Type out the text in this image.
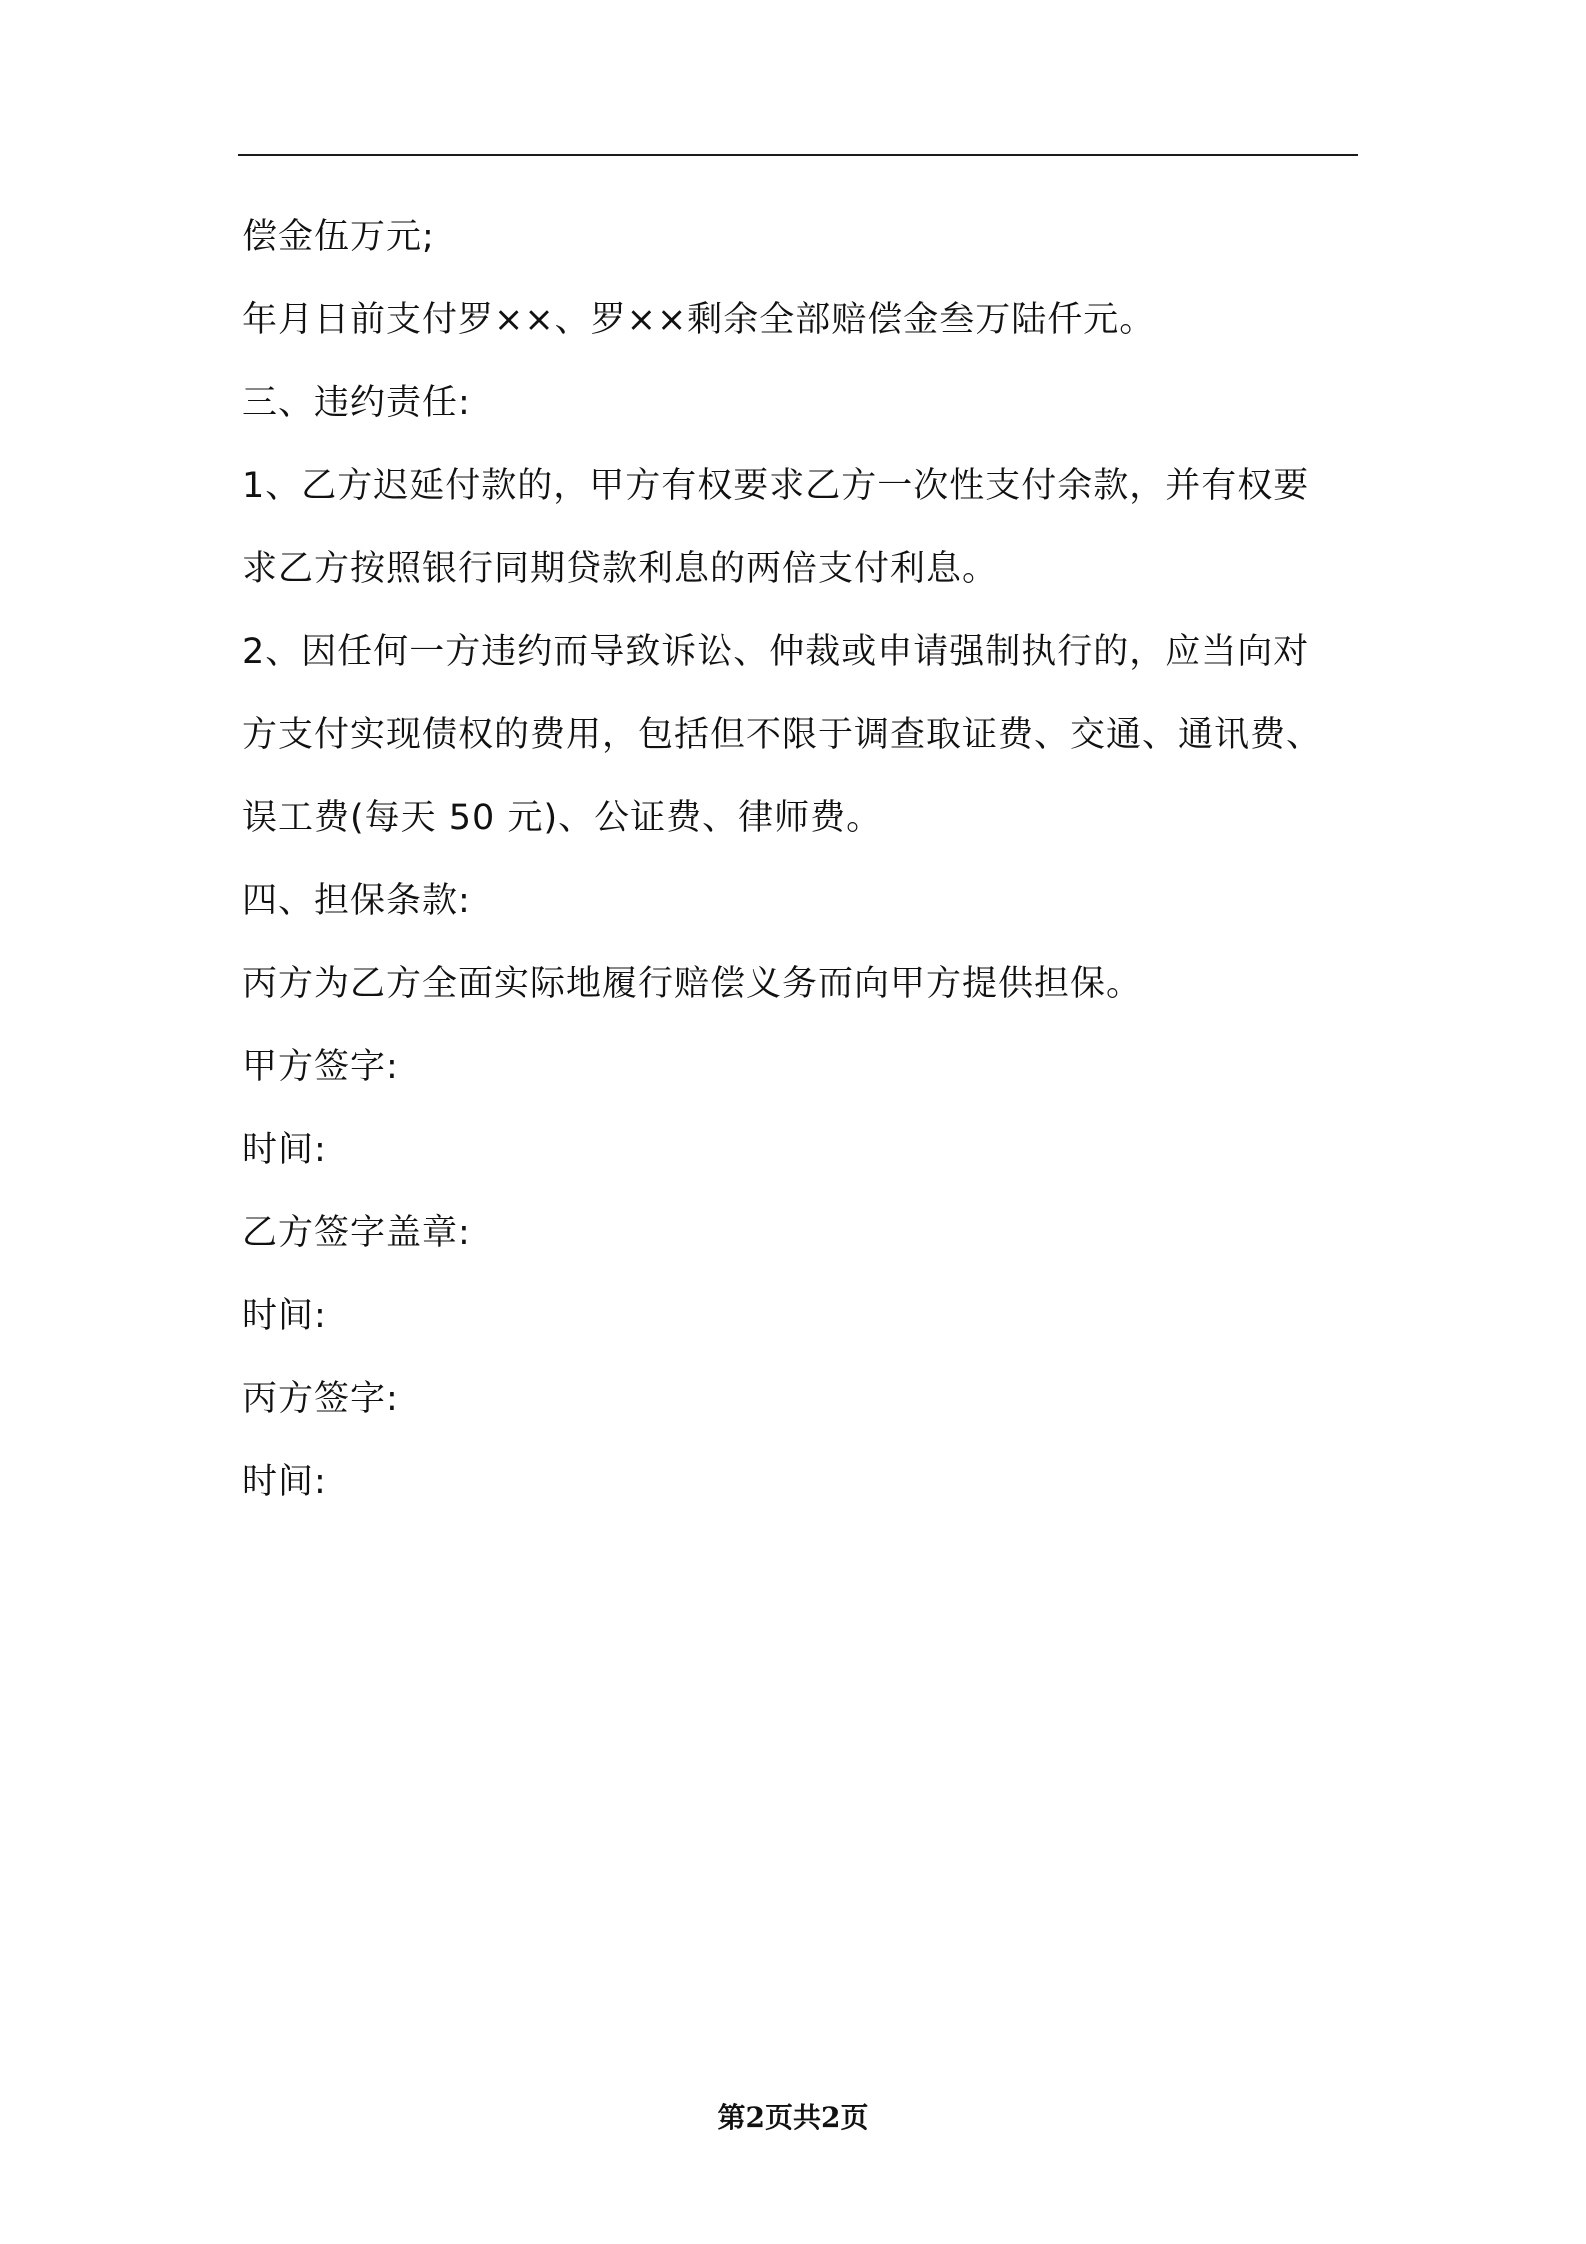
偿金伍万元;

年月日前支付罗××、罗××剩余全部赔偿金叁万陆仟元。

三、违约责任:

1、乙方迟延付款的，甲方有权要求乙方一次性支付余款，并有权要

求乙方按照银行同期贷款利息的两倍支付利息。

2、因任何一方违约而导致诉讼、仲裁或申请强制执行的，应当向对

方支付实现债权的费用，包括但不限于调查取证费、交通、通讯费、

误工费(每天 50 元)、公证费、律师费。

四、担保条款:

丙方为乙方全面实际地履行赔偿义务而向甲方提供担保。

甲方签字:

时间:

乙方签字盖章:

时间:

丙方签字:

时间:

第2页共2页
